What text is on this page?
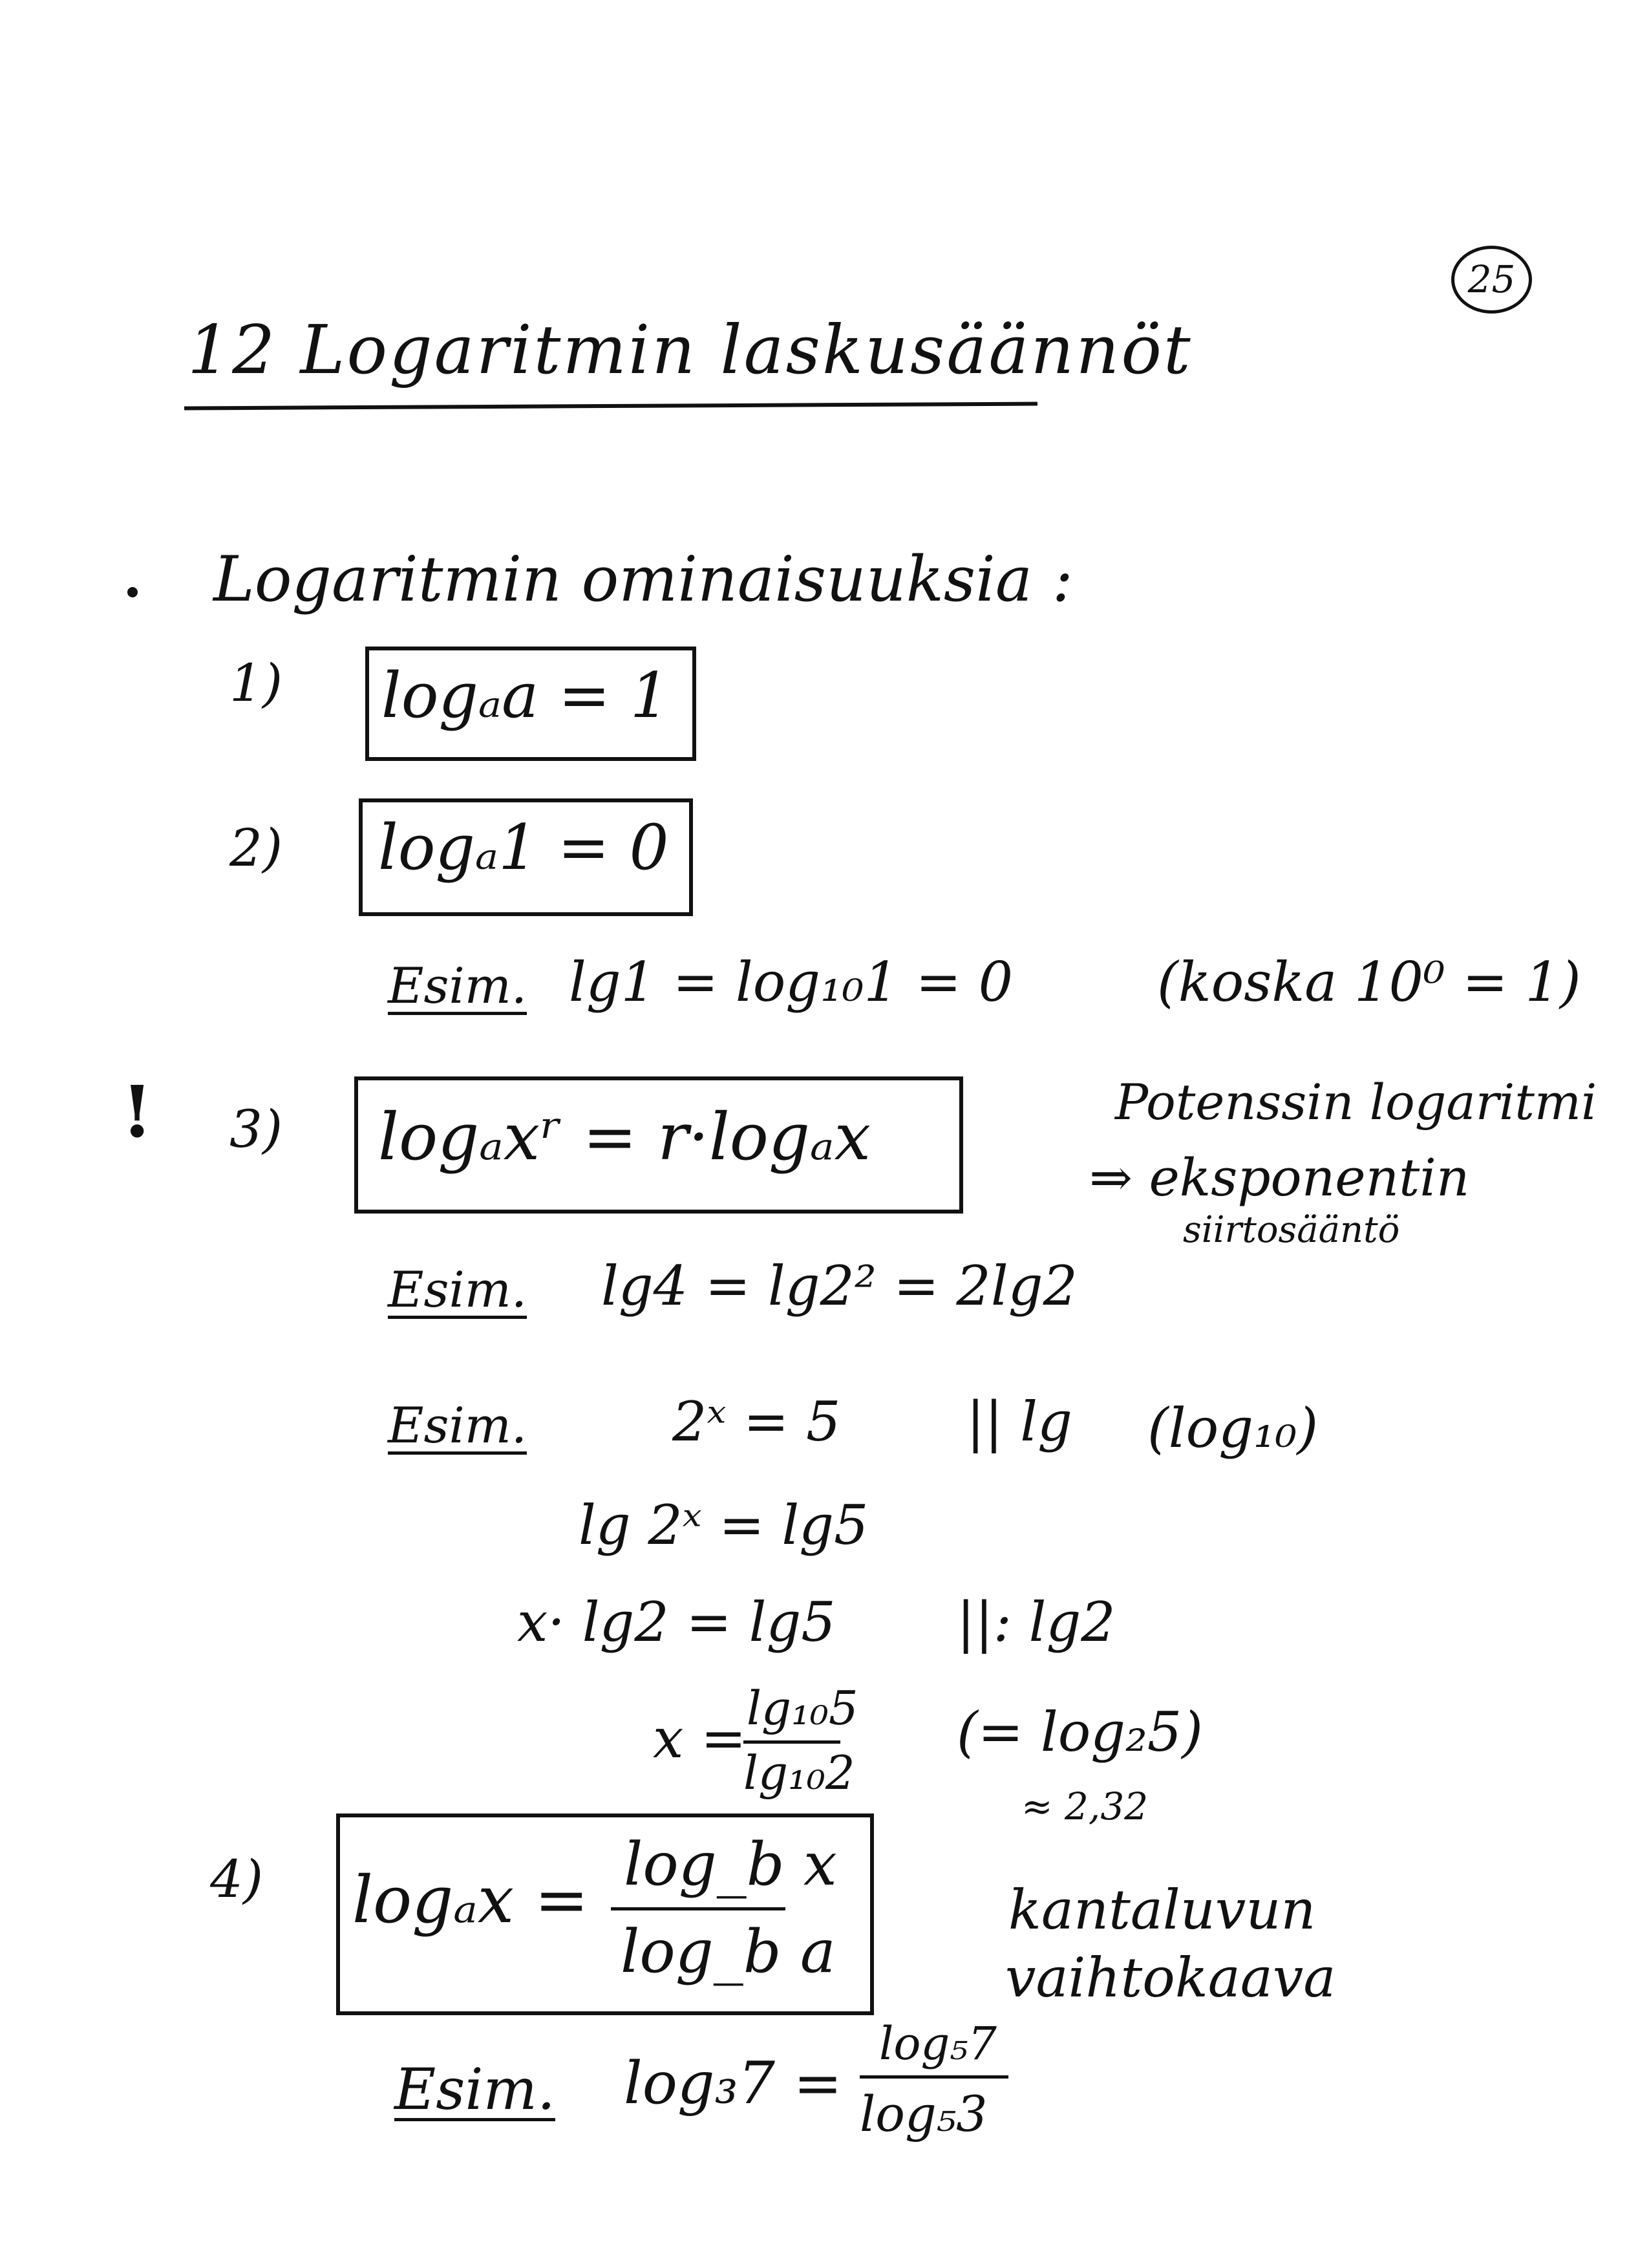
25
12 Logaritmin laskusäännöt
Logaritmin ominaisuuksia :
1) logₐa = 1
2) logₐ1 = 0
Esim. lg1 = log₁₀1 = 0	(koska 10⁰ = 1)
! 3) logₐxʳ = r·logₐx	Potenssin logaritmi
⇒ eksponentin
siirtosääntö
Esim. lg4 = lg2² = 2lg2
Esim.	2ˣ = 5 || lg (log₁₀)
lg 2ˣ = lg5
x· lg2 = lg5 ||: lg2
x = lg₁₀5
lg₁₀2
(= log₂5)
≈ 2,32
4) logₐx = log_b x
log_b a
kantaluvun
vaihtokaava
Esim. log₃7 =
log₅7
log₅3
